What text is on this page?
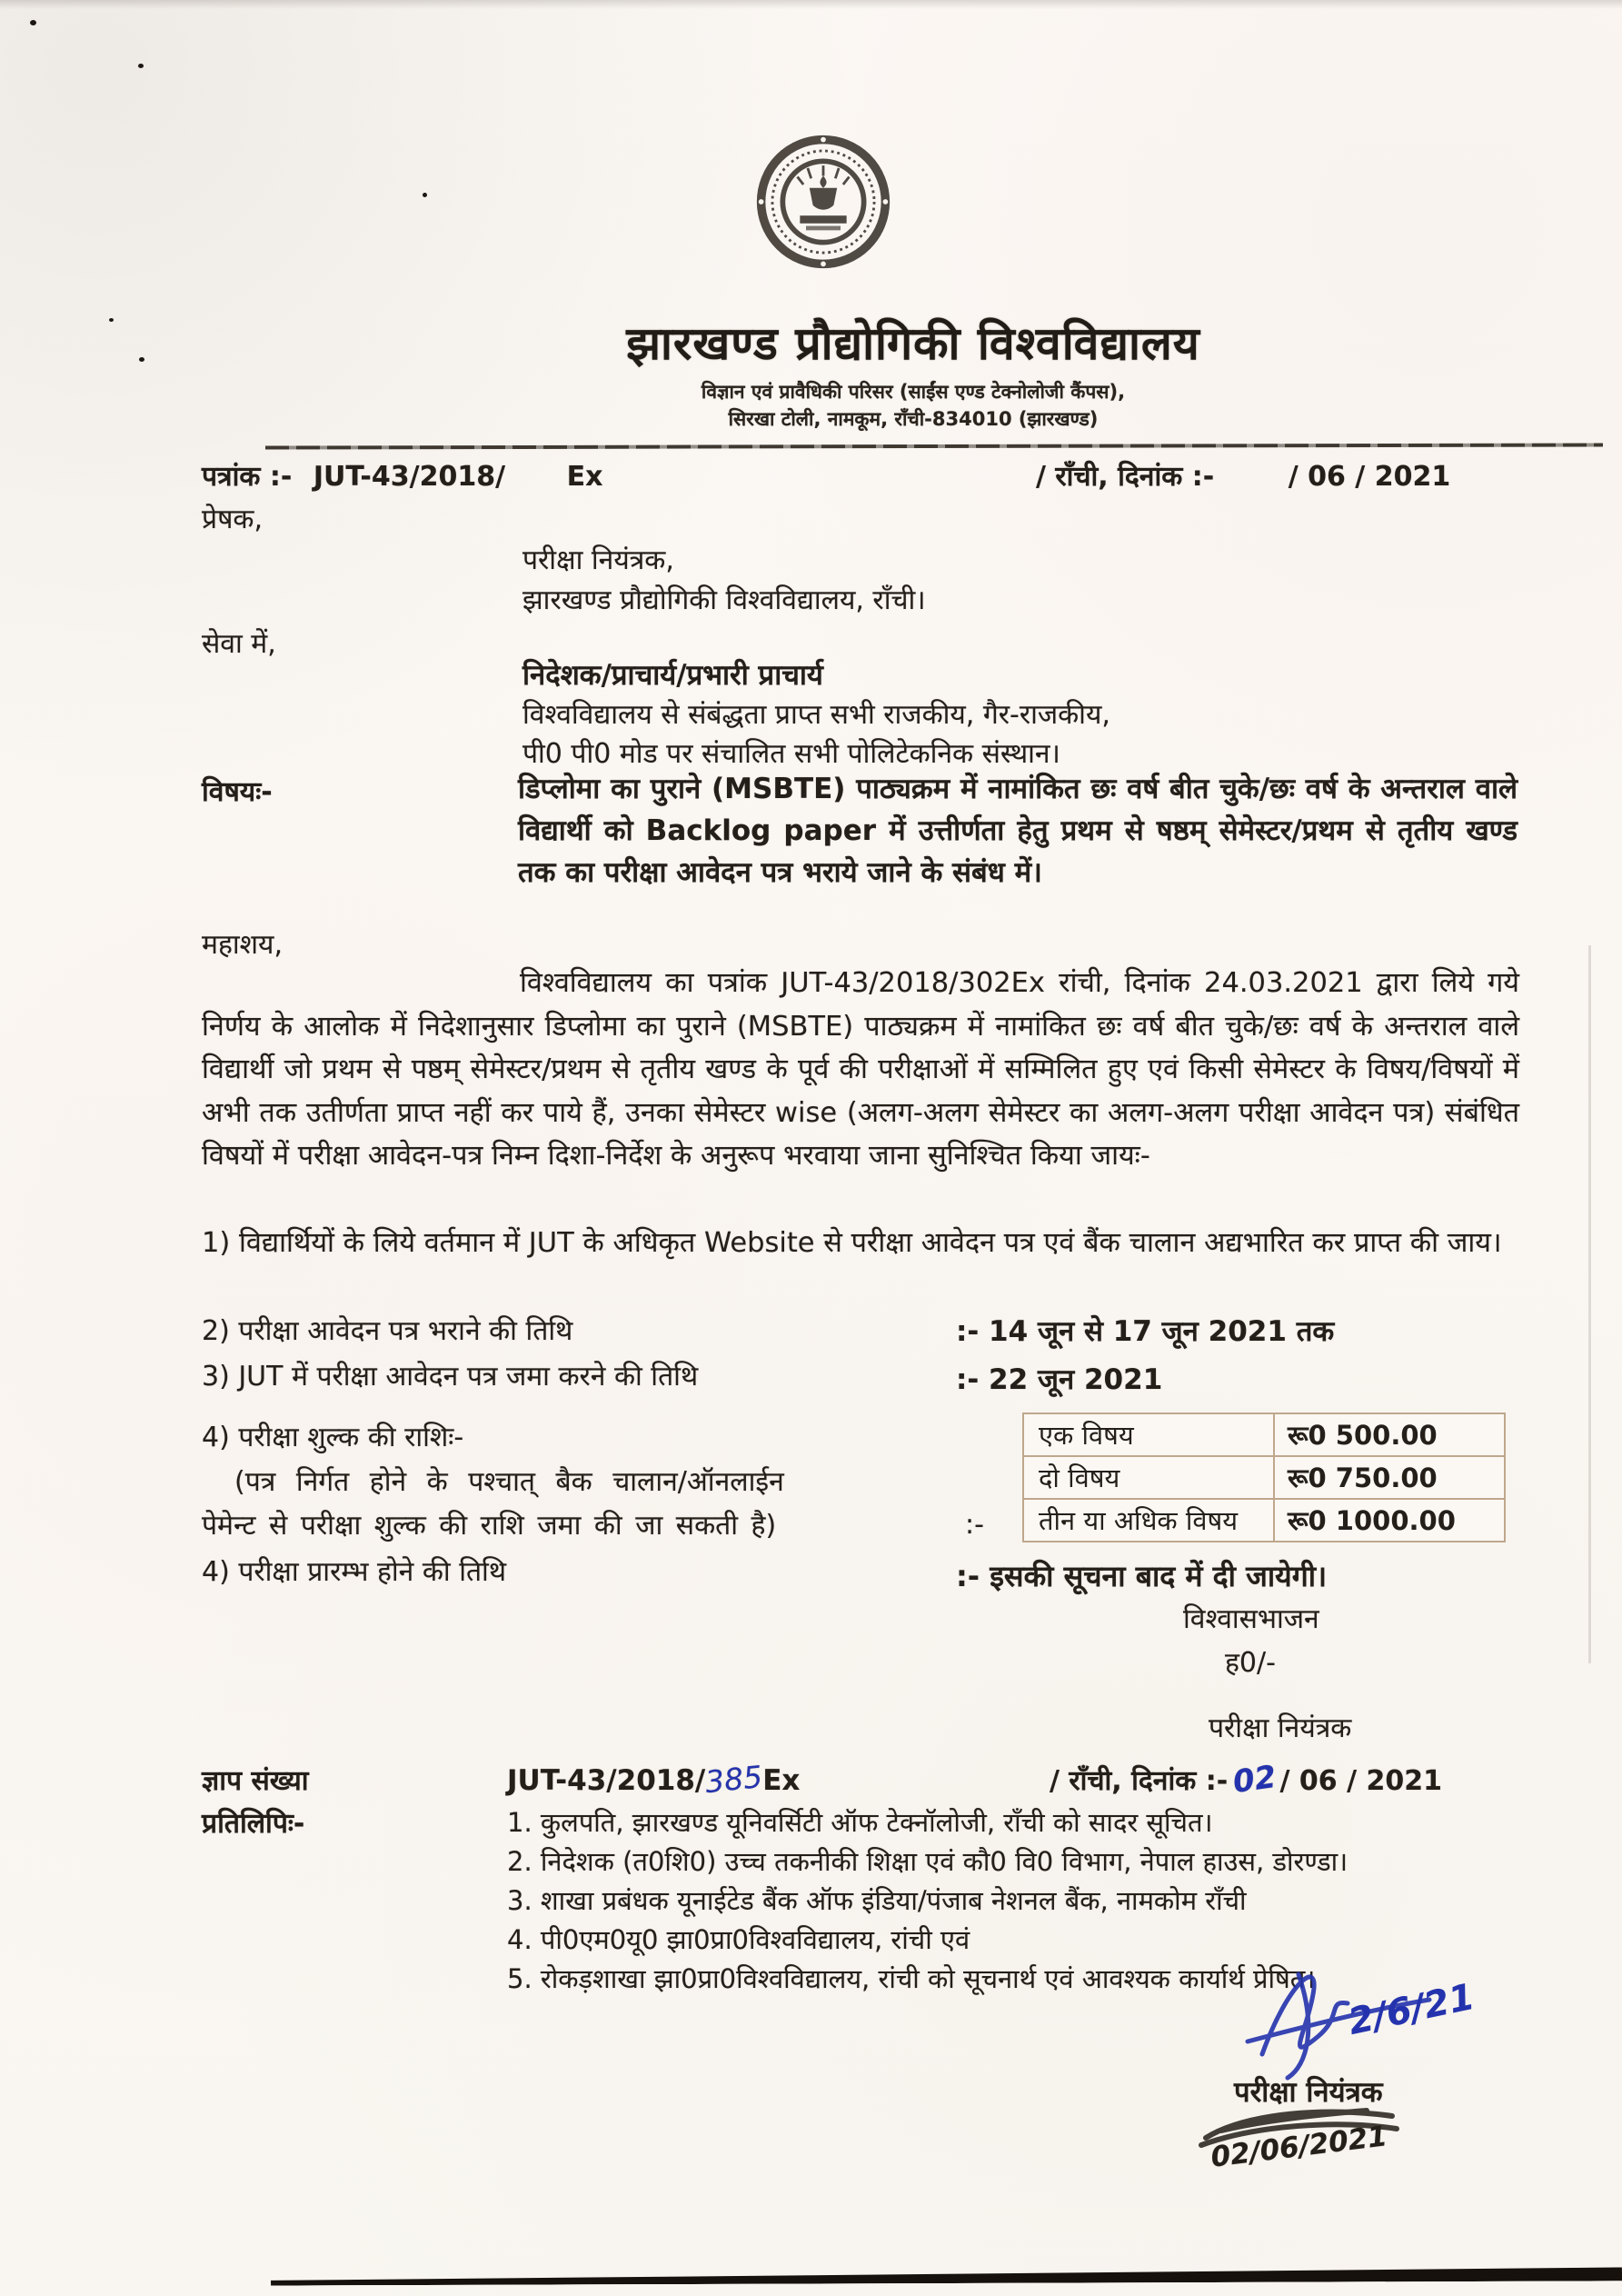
झारखण्ड प्रौद्योगिकी विश्वविद्यालय
विज्ञान एवं प्रावैधिकी परिसर (साईंस एण्ड टेक्नोलोजी कैंपस),
सिरखा टोली, नामकूम, राँची-834010 (झारखण्ड)
पत्रांक :- JUT-43/2018/ Ex	/ राँची, दिनांक :-	/ 06 / 2021
प्रेषक,
परीक्षा नियंत्रक,
झारखण्ड प्रौद्योगिकी विश्वविद्यालय, राँची।
सेवा में,
निदेशक/प्राचार्य/प्रभारी प्राचार्य
विश्वविद्यालय से संबंद्धता प्राप्त सभी राजकीय, गैर-राजकीय,
पी0 पी0 मोड पर संचालित सभी पोलिटेकनिक संस्थान।
विषयः-	डिप्लोमा का पुराने (MSBTE) पाठ्यक्रम में नामांकित छः वर्ष बीत चुके/छः वर्ष के अन्तराल वाले विद्यार्थी को Backlog paper में उत्तीर्णता हेतु प्रथम से षष्ठम् सेमेस्टर/प्रथम से तृतीय खण्ड तक का परीक्षा आवेदन पत्र भराये जाने के संबंध में।
महाशय,
विश्वविद्यालय का पत्रांक JUT-43/2018/302Ex रांची, दिनांक 24.03.2021 द्वारा लिये गये निर्णय के आलोक में निदेशानुसार डिप्लोमा का पुराने (MSBTE) पाठ्यक्रम में नामांकित छः वर्ष बीत चुके/छः वर्ष के अन्तराल वाले विद्यार्थी जो प्रथम से पष्ठम् सेमेस्टर/प्रथम से तृतीय खण्ड के पूर्व की परीक्षाओं में सम्मिलित हुए एवं किसी सेमेस्टर के विषय/विषयों में अभी तक उतीर्णता प्राप्त नहीं कर पाये हैं, उनका सेमेस्टर wise (अलग-अलग सेमेस्टर का अलग-अलग परीक्षा आवेदन पत्र) संबंधित विषयों में परीक्षा आवेदन-पत्र निम्न दिशा-निर्देश के अनुरूप भरवाया जाना सुनिश्चित किया जायः-
1) विद्यार्थियों के लिये वर्तमान में JUT के अधिकृत Website से परीक्षा आवेदन पत्र एवं बैंक चालान अद्यभारित कर प्राप्त की जाय।
2) परीक्षा आवेदन पत्र भराने की तिथि	:- 14 जून से 17 जून 2021 तक
3) JUT में परीक्षा आवेदन पत्र जमा करने की तिथि	:- 22 जून 2021
4) परीक्षा शुल्क की राशिः-
(पत्र निर्गत होने के पश्चात् बैक चालान/ऑनलाईन
पेमेन्ट से परीक्षा शुल्क की राशि जमा की जा सकती है)	:-
एक विषय	रू0 500.00
दो विषय	रू0 750.00
तीन या अधिक विषय	रू0 1000.00
4) परीक्षा प्रारम्भ होने की तिथि	:- इसकी सूचना बाद में दी जायेगी।
विश्वासभाजन
ह0/-
परीक्षा नियंत्रक
ज्ञाप संख्या	JUT-43/2018/385Ex	/ राँची, दिनांक :- 02/ 06 / 2021
प्रतिलिपिः-	1. कुलपति, झारखण्ड यूनिवर्सिटी ऑफ टेक्नॉलोजी, राँची को सादर सूचित।
2. निदेशक (त0शि0) उच्च तकनीकी शिक्षा एवं कौ0 वि0 विभाग, नेपाल हाउस, डोरण्डा।
3. शाखा प्रबंधक यूनाईटेड बैंक ऑफ इंडिया/पंजाब नेशनल बैंक, नामकोम राँची
4. पी0एम0यू0 झा0प्रा0विश्वविद्यालय, रांची एवं
5. रोकड़शाखा झा0प्रा0विश्वविद्यालय, रांची को सूचनार्थ एवं आवश्यक कार्यार्थ प्रेषित। 2/6/21
परीक्षा नियंत्रक
02/06/2021
